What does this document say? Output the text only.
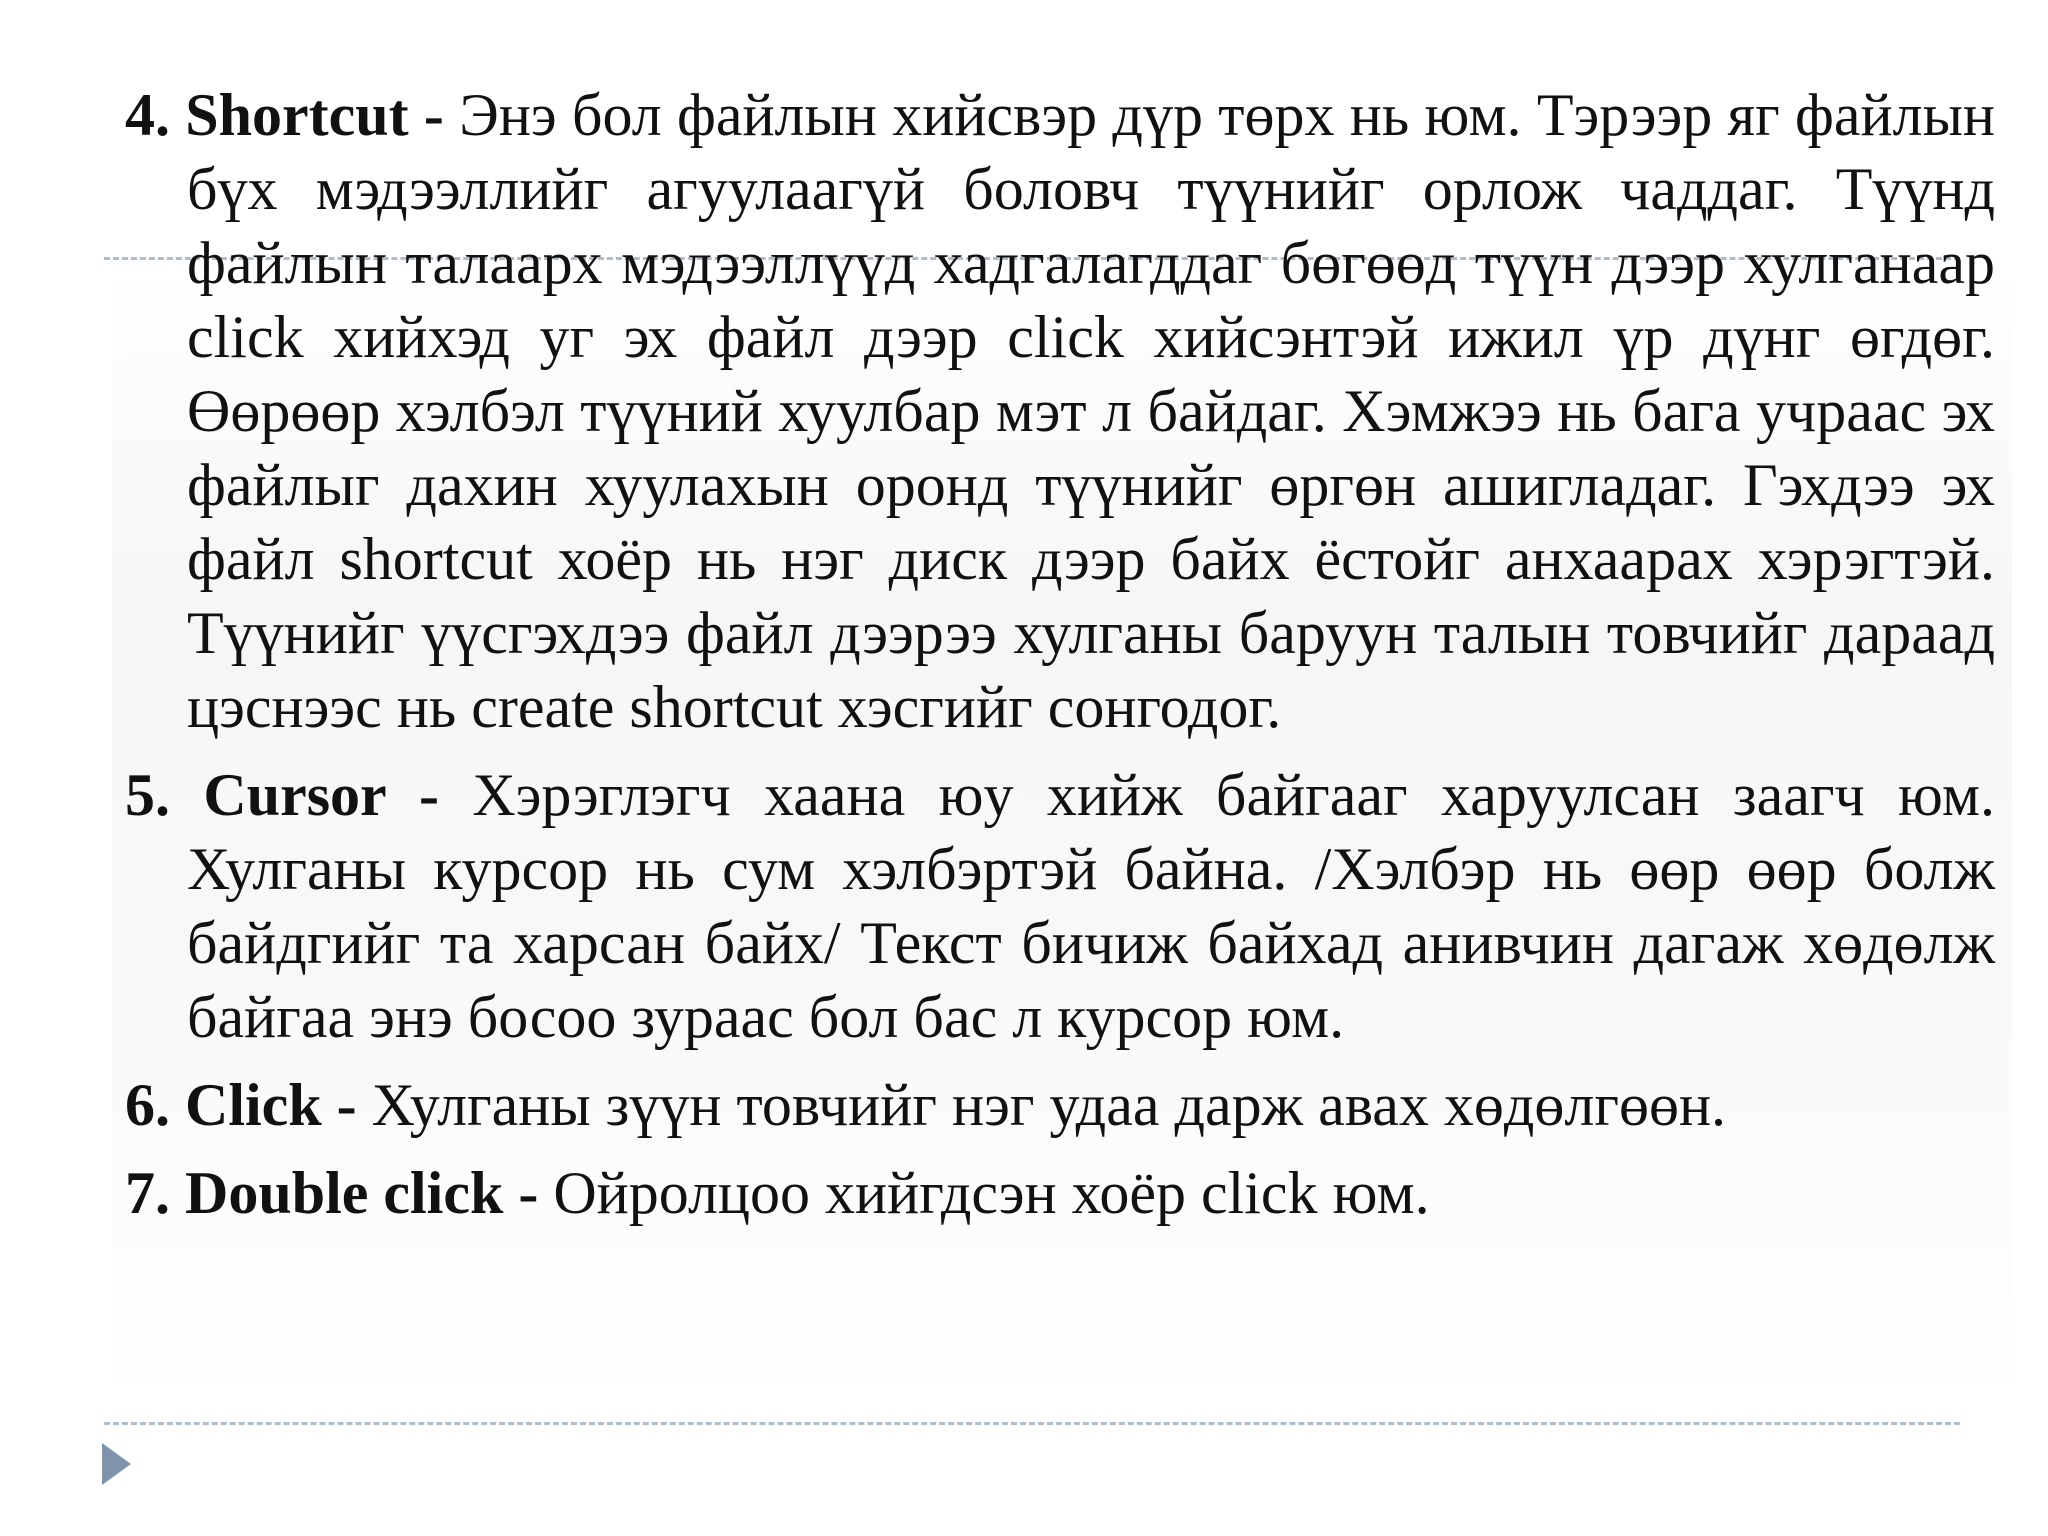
4. Shortcut - Энэ бол файлын хийсвэр дүр төрх нь юм. Тэрээр яг файлын бүх мэдээллийг агуулаагүй боловч түүнийг орлож чаддаг. Түүнд файлын талаарх мэдээллүүд хадгалагддаг бөгөөд түүн дээр хулганаар click хийхэд уг эх файл дээр click хийсэнтэй ижил үр дүнг өгдөг. Өөрөөр хэлбэл түүний хуулбар мэт л байдаг. Хэмжээ нь бага учраас эх файлыг дахин хуулахын оронд түүнийг өргөн ашигладаг. Гэхдээ эх файл shortcut хоёр нь нэг диск дээр байх ёстойг анхаарах хэрэгтэй. Түүнийг үүсгэхдээ файл дээрээ хулганы баруун талын товчийг дараад цэснээс нь create shortcut хэсгийг сонгодог.

5. Cursor - Хэрэглэгч хаана юу хийж байгааг харуулсан заагч юм. Хулганы курсор нь сум хэлбэртэй байна. /Хэлбэр нь өөр өөр болж байдгийг та харсан байх/ Текст бичиж байхад анивчин дагаж хөдөлж байгаа энэ босоо зураас бол бас л курсор юм.

6. Click - Хулганы зүүн товчийг нэг удаа дарж авах хөдөлгөөн.

7. Double click - Ойролцоо хийгдсэн хоёр click юм.
